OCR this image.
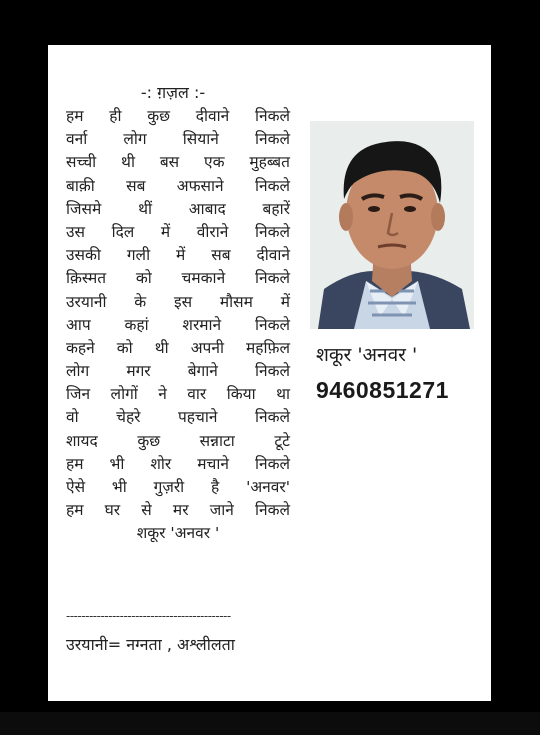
-: ग़ज़ल :-
हम ही कुछ दीवाने निकले
वर्ना लोग सियाने निकले
सच्ची थी बस एक मुहब्बत
बाक़ी सब अफसाने निकले
जिसमे थीं आबाद बहारें
उस दिल में वीराने निकले
उसकी गली में सब दीवाने
क़िस्मत को चमकाने निकले
उरयानी के इस मौसम में
आप कहां शरमाने निकले
कहने को थी अपनी महफ़िल
लोग मगर बेगाने निकले
जिन लोगों ने वार किया था
वो चेहरे पहचाने निकले
शायद कुछ सन्नाटा टूटे
हम भी शोर मचाने निकले
ऐसे भी गुज़री है 'अनवर'
हम घर से मर जाने निकले
शकूर 'अनवर '
-------------------------------------------
उरयानी= नग्नता , अश्लीलता
शकूर 'अनवर '
9460851271
